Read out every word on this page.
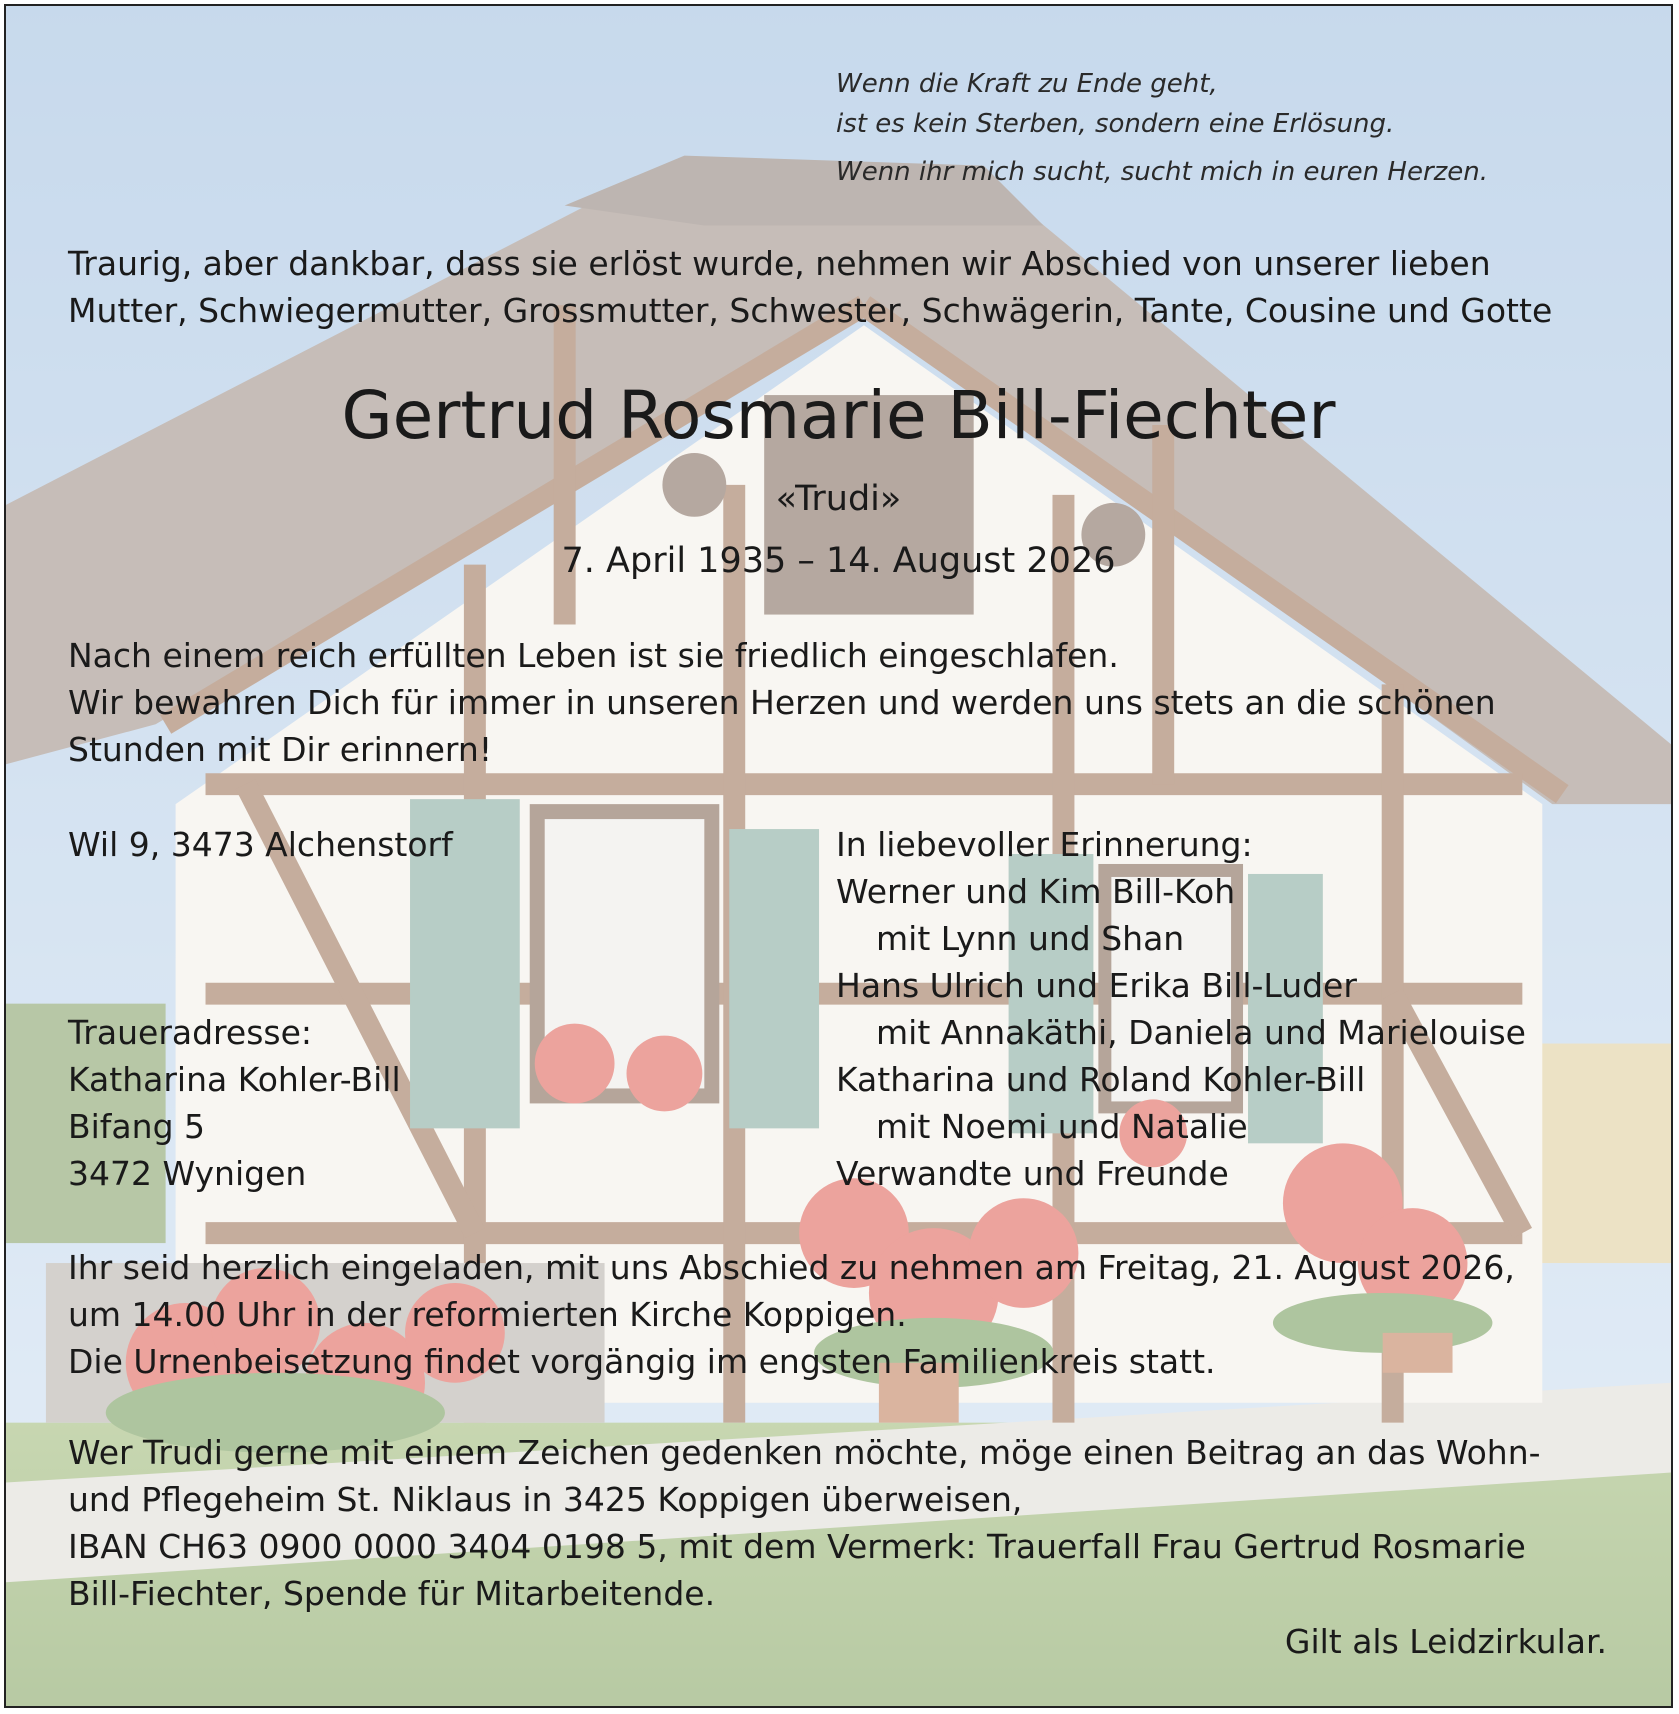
Wenn die Kraft zu Ende geht,
ist es kein Sterben, sondern eine Erlösung.
Wenn ihr mich sucht, sucht mich in euren Herzen.
Traurig, aber dankbar, dass sie erlöst wurde, nehmen wir Abschied von unserer lieben
Mutter, Schwiegermutter, Grossmutter, Schwester, Schwägerin, Tante, Cousine und Gotte
Gertrud Rosmarie Bill-Fiechter
«Trudi»
7. April 1935 – 14. August 2026
Nach einem reich erfüllten Leben ist sie friedlich eingeschlafen.
Wir bewahren Dich für immer in unseren Herzen und werden uns stets an die schönen
Stunden mit Dir erinnern!
Wil 9, 3473 Alchenstorf
Traueradresse:
Katharina Kohler-Bill
Bifang 5
3472 Wynigen
In liebevoller Erinnerung:
Werner und Kim Bill-Koh
mit Lynn und Shan
Hans Ulrich und Erika Bill-Luder
mit Annakäthi, Daniela und Marielouise
Katharina und Roland Kohler-Bill
mit Noemi und Natalie
Verwandte und Freunde
Ihr seid herzlich eingeladen, mit uns Abschied zu nehmen am Freitag, 21. August 2026,
um 14.00 Uhr in der reformierten Kirche Koppigen.
Die Urnenbeisetzung findet vorgängig im engsten Familienkreis statt.
Wer Trudi gerne mit einem Zeichen gedenken möchte, möge einen Beitrag an das Wohn-
und Pflegeheim St. Niklaus in 3425 Koppigen überweisen,
IBAN CH63 0900 0000 3404 0198 5, mit dem Vermerk: Trauerfall Frau Gertrud Rosmarie
Bill-Fiechter, Spende für Mitarbeitende.
Gilt als Leidzirkular.
